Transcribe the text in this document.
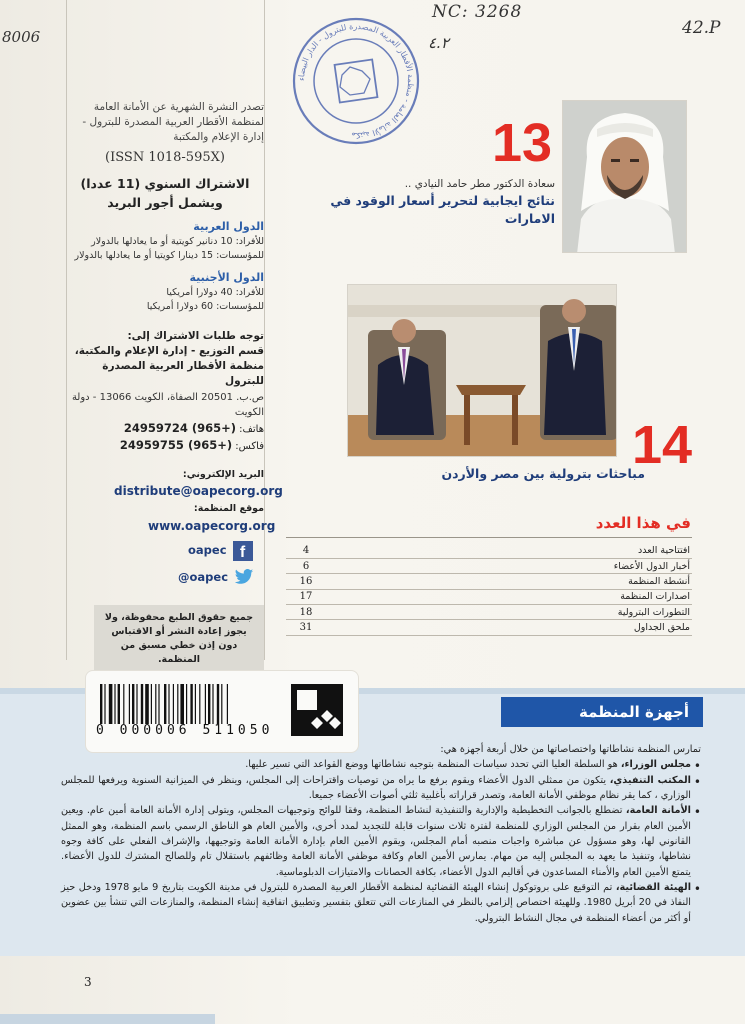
8006
NC: 3268
٤.٢
42.P
مكتبة الأمانة العامة - منظمة الأقطار العربية المصدرة للبترول - الدار البيضاء
تصدر النشرة الشهرية عن الأمانة العامة لمنظمة الأقطار العربية المصدرة للبترول - إدارة الإعلام والمكتبة
(ISSN 1018-595X)
الاشتراك السنوي (11 عددا)
ويشمل أجور البريد
الدول العربية
للأفراد: 10 دنانير كويتية أو ما يعادلها بالدولار
للمؤسسات: 15 دينارا كويتيا أو ما يعادلها بالدولار
الدول الأجنبية
للأفراد: 40 دولارا أمريكيا
للمؤسسات: 60 دولارا أمريكيا
توجه طلبات الاشتراك إلى:
قسم التوزيع - إدارة الإعلام والمكتبة، منظمة الأقطار العربية المصدرة للبترول
ص.ب. 20501 الصفاة، الكويت 13066 - دولة الكويت
هاتف: 24959724 (965+)
فاكس: 24959755 (965+)
البريد الإلكتروني:
distribute@oapecorg.org
موقع المنظمة:
www.oapecorg.org
oapec f
@oapec
جميع حقوق الطبع محفوظة، ولا يجوز إعادة النشر أو الاقتباس دون إذن خطي مسبق من المنظمة.
13
سعادة الدكتور مطر حامد النيادي ..
نتائج ايجابية لتحرير أسعار الوقود في الامارات
14
مباحثات بترولية بين مصر والأردن
في هذا العدد
4	افتتاحية العدد
6	أخبار الدول الأعضاء
16	أنشطة المنظمة
17	اصدارات المنظمة
18	التطورات البترولية
31	ملحق الجداول
0 000006 511050
أجهزة المنظمة
تمارس المنظمة نشاطاتها واختصاصاتها من خلال أربعة أجهزة هي:
• مجلس الوزراء، هو السلطة العليا التي تحدد سياسات المنظمة بتوجيه نشاطاتها ووضع القواعد التي تسير عليها.
• المكتب التنفيذي، يتكون من ممثلي الدول الأعضاء ويقوم برفع ما يراه من توصيات واقتراحات إلى المجلس، وينظر في الميزانية السنوية ويرفعها للمجلس الوزاري ، كما يقر نظام موظفي الأمانة العامة، وتصدر قراراته بأغلبية ثلثي أصوات الأعضاء جميعا.
• الأمانة العامة، تضطلع بالجوانب التخطيطية والإدارية والتنفيذية لنشاط المنظمة، وفقا للوائح وتوجيهات المجلس، ويتولى إدارة الأمانة العامة أمين عام. ويعين الأمين العام بقرار من المجلس الوزاري للمنظمة لفترة ثلاث سنوات قابلة للتجديد لمدد أخرى، والأمين العام هو الناطق الرسمي باسم المنظمة، وهو الممثل القانوني لها، وهو مسؤول عن مباشرة واجبات منصبه أمام المجلس، ويقوم الأمين العام بإدارة الأمانة العامة وتوجيهها، والإشراف الفعلي على كافة وجوه نشاطها، وتنفيذ ما يعهد به المجلس إليه من مهام. يمارس الأمين العام وكافة موظفي الأمانة العامة وظائفهم باستقلال تام وللصالح المشترك للدول الأعضاء. يتمتع الأمين العام والأمناء المساعدون في أقاليم الدول الأعضاء، بكافة الحصانات والامتيازات الدبلوماسية.
• الهيئة القضائية، تم التوقيع على بروتوكول إنشاء الهيئة القضائية لمنظمة الأقطار العربية المصدرة للبترول في مدينة الكويت بتاريخ 9 مايو 1978 ودخل حيز النفاذ في 20 أبريل 1980. وللهيئة اختصاص إلزامي بالنظر في المنازعات التي تتعلق بتفسير وتطبيق اتفاقية إنشاء المنظمة، والمنازعات التي تنشأ بين عضوين أو أكثر من أعضاء المنظمة في مجال النشاط البترولي.
3
